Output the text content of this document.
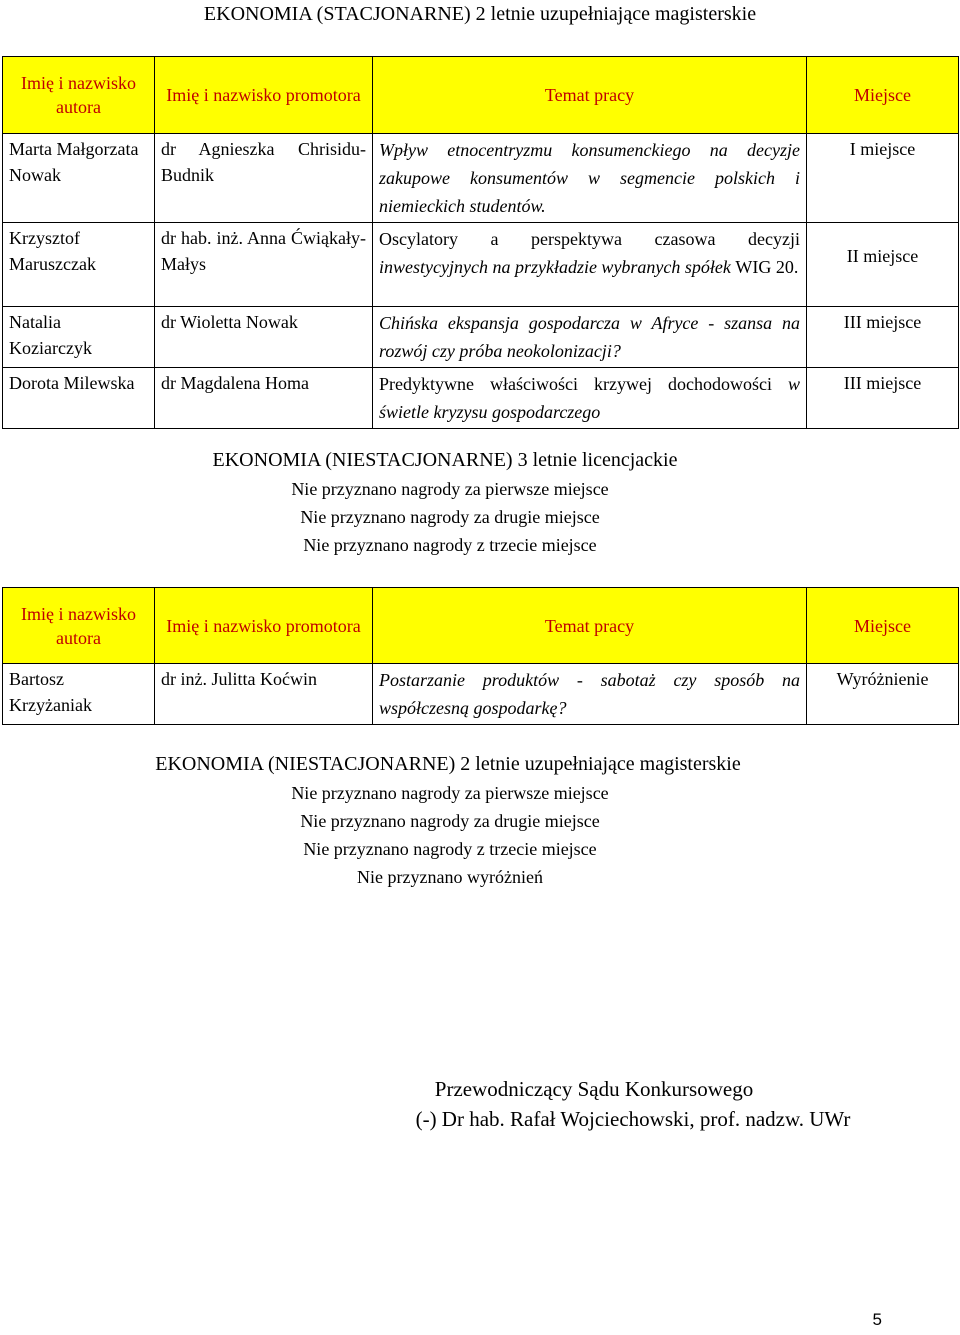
EKONOMIA (STACJONARNE) 2 letnie uzupełniające magisterskie
Imię i nazwisko autora	Imię i nazwisko promotora	Temat pracy	Miejsce
Marta Małgorzata Nowak	dr Agnieszka Chrisidu-Budnik	Wpływ etnocentryzmu konsumenckiego na decyzje zakupowe konsumentów w segmencie polskich i niemieckich studentów.	I miejsce
Krzysztof Maruszczak	dr hab. inż. Anna Ćwiąkały-Małys	Oscylatory a perspektywa czasowa decyzji inwestycyjnych na przykładzie wybranych spółek WIG 20.	II miejsce
Natalia Koziarczyk	dr Wioletta Nowak	Chińska ekspansja gospodarcza w Afryce - szansa na rozwój czy próba neokolonizacji?	III miejsce
Dorota Milewska	dr Magdalena Homa	Predyktywne właściwości krzywej dochodowości w świetle kryzysu gospodarczego	III miejsce
EKONOMIA (NIESTACJONARNE) 3 letnie licencjackie
Nie przyznano nagrody za pierwsze miejsce
Nie przyznano nagrody za drugie miejsce
Nie przyznano nagrody z trzecie miejsce
Imię i nazwisko autora	Imię i nazwisko promotora	Temat pracy	Miejsce
Bartosz Krzyżaniak	dr inż. Julitta Koćwin	Postarzanie produktów - sabotaż czy sposób na współczesną gospodarkę?	Wyróżnienie
EKONOMIA (NIESTACJONARNE) 2 letnie uzupełniające magisterskie
Nie przyznano nagrody za pierwsze miejsce
Nie przyznano nagrody za drugie miejsce
Nie przyznano nagrody z trzecie miejsce
Nie przyznano wyróżnień
Przewodniczący Sądu Konkursowego
(-) Dr hab. Rafał Wojciechowski, prof. nadzw. UWr
5
